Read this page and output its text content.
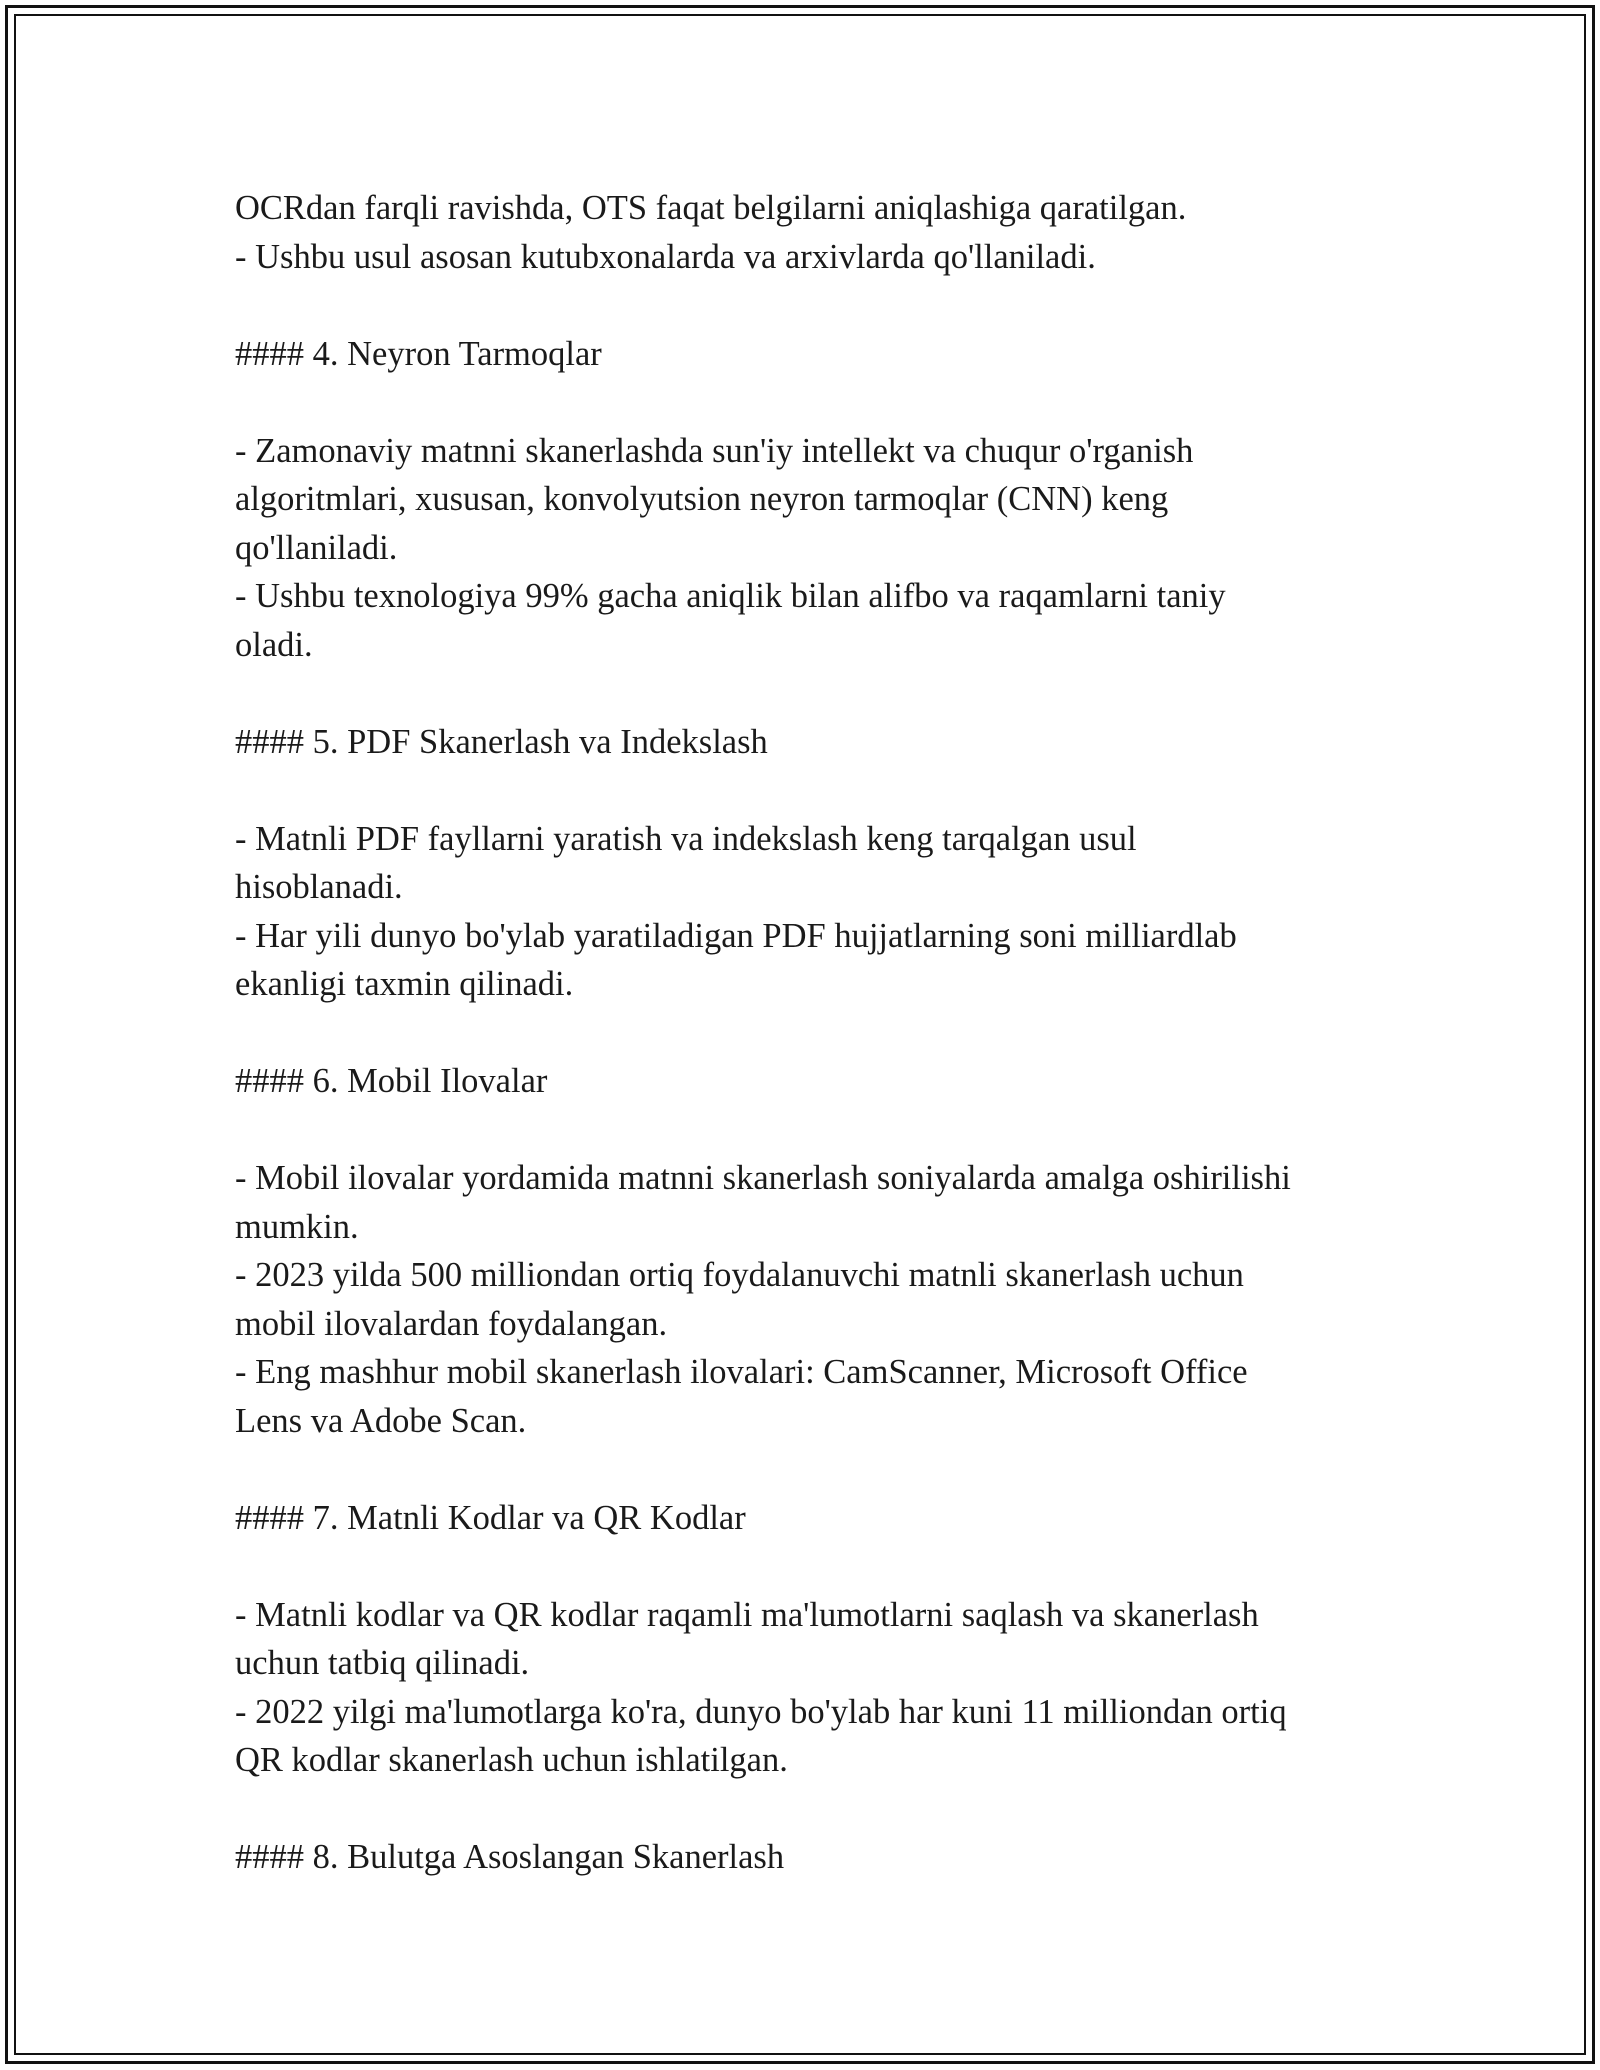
OCRdan farqli ravishda, OTS faqat belgilarni aniqlashiga qaratilgan.
- Ushbu usul asosan kutubxonalarda va arxivlarda qo'llaniladi.
#### 4. Neyron Tarmoqlar
- Zamonaviy matnni skanerlashda sun'iy intellekt va chuqur o'rganish
algoritmlari, xususan, konvolyutsion neyron tarmoqlar (CNN) keng
qo'llaniladi.
- Ushbu texnologiya 99% gacha aniqlik bilan alifbo va raqamlarni taniy
oladi.
#### 5. PDF Skanerlash va Indekslash
- Matnli PDF fayllarni yaratish va indekslash keng tarqalgan usul
hisoblanadi.
- Har yili dunyo bo'ylab yaratiladigan PDF hujjatlarning soni milliardlab
ekanligi taxmin qilinadi.
#### 6. Mobil Ilovalar
- Mobil ilovalar yordamida matnni skanerlash soniyalarda amalga oshirilishi
mumkin.
- 2023 yilda 500 milliondan ortiq foydalanuvchi matnli skanerlash uchun
mobil ilovalardan foydalangan.
- Eng mashhur mobil skanerlash ilovalari: CamScanner, Microsoft Office
Lens va Adobe Scan.
#### 7. Matnli Kodlar va QR Kodlar
- Matnli kodlar va QR kodlar raqamli ma'lumotlarni saqlash va skanerlash
uchun tatbiq qilinadi.
- 2022 yilgi ma'lumotlarga ko'ra, dunyo bo'ylab har kuni 11 milliondan ortiq
QR kodlar skanerlash uchun ishlatilgan.
#### 8. Bulutga Asoslangan Skanerlash
